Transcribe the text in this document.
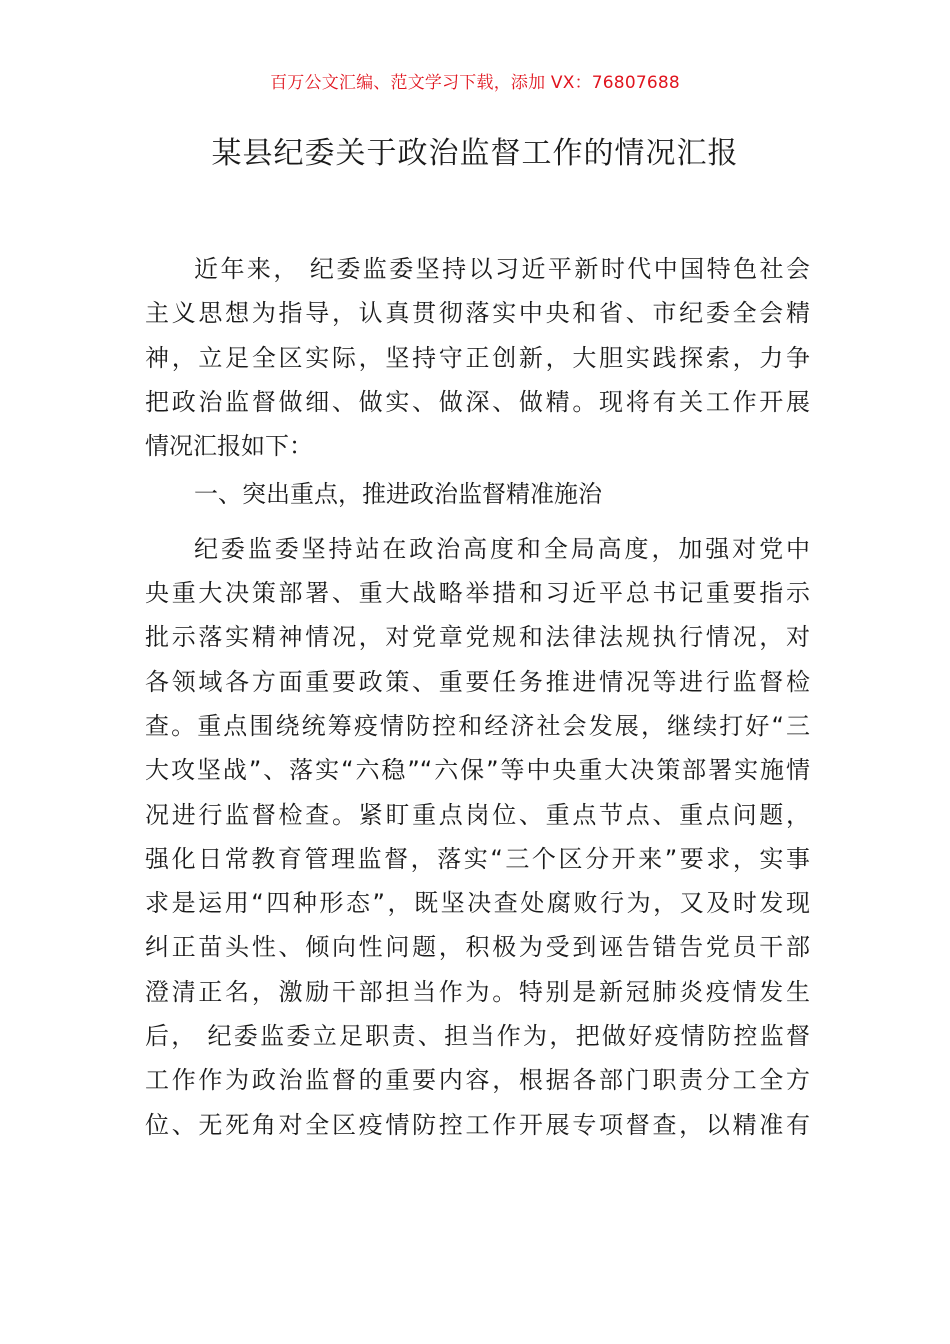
百万公文汇编、范文学习下载，添加 VX：76807688
某县纪委关于政治监督工作的情况汇报
近年来， 纪委监委坚持以习近平新时代中国特色社会
主义思想为指导，认真贯彻落实中央和省、市纪委全会精
神，立足全区实际，坚持守正创新，大胆实践探索，力争
把政治监督做细、做实、做深、做精。现将有关工作开展
情况汇报如下：
一、突出重点，推进政治监督精准施治
纪委监委坚持站在政治高度和全局高度，加强对党中
央重大决策部署、重大战略举措和习近平总书记重要指示
批示落实精神情况，对党章党规和法律法规执行情况，对
各领域各方面重要政策、重要任务推进情况等进行监督检
查。重点围绕统筹疫情防控和经济社会发展，继续打好“三
大攻坚战”、落实“六稳”“六保”等中央重大决策部署实施情
况进行监督检查。紧盯重点岗位、重点节点、重点问题，
强化日常教育管理监督，落实“三个区分开来”要求，实事
求是运用“四种形态”，既坚决查处腐败行为，又及时发现
纠正苗头性、倾向性问题，积极为受到诬告错告党员干部
澄清正名，激励干部担当作为。特别是新冠肺炎疫情发生
后， 纪委监委立足职责、担当作为，把做好疫情防控监督
工作作为政治监督的重要内容，根据各部门职责分工全方
位、无死角对全区疫情防控工作开展专项督查，以精准有
